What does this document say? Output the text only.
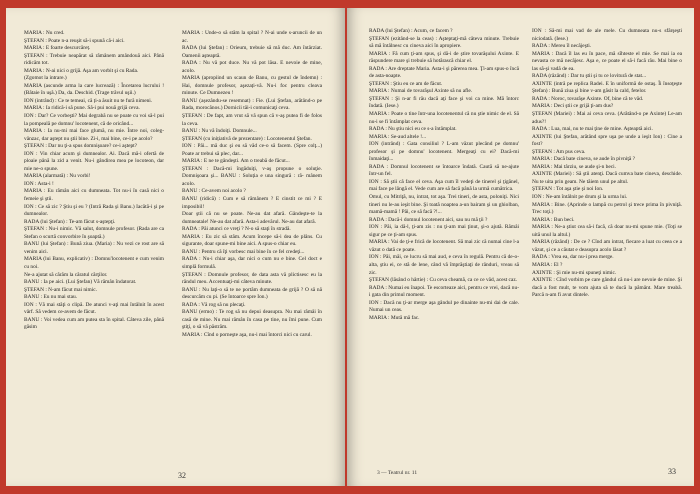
MARIA : Nu cred.

ŞTEFAN : Poate n-a reuşit să-i spună că-i aici.

MARIA : E foarte descurcăreț.

ŞTEFAN : Trebuie neapărat să rămânem amândouă aici. Până ridicăm tot.

MARIA : N-ai nici o grijă. Aşa am vorbit şi cu Rada.

(Zgomot la intrare.)

MARIA (ascunde arma la care lucrează) : Încetarea lucrului ! (Bătaie în uşă.) Da, da. Deschid. (Trage trăvul uşii.)

ION (intrând) : Ce te temeai, că ți-a ăsuit nu te fură nimeni.

MARIA : Ia ridică-i să pune. Să-i pui nouă grijă ceva.

ION : Dar? Ce vorbeşti? Mai degrabă nu se poate cu voi să-l pui la pompeală pe domnu' locotenent, că de oricând...

MARIA : Ia nu-mi mai face glumă, nu mie. Între noi, coleg-vânzac, dar aştept nu ştii bine. Zi-i, mai bine, ce-i pe acolo?

ŞTEFAN : Dar nu ţi-a spus domnişoare? ce-i aştept?

ION : Vin chiar acum şi dumnealor. Ai. Dacă mă-i ofertă de ploaie până la zid a venit. Nu-i gândirea mea pe locoteon, dar mie ne-o spune.

MARIA (alarmată) : Nu vorbi!

ION : Asta-i !

MARIA : Eu rămân aici cu dumneata. Tot nu-i în casă nici o femeie şi ştii.

ION : Ce să zic ? Ştiu şi eu ? (Intră Rada şi Banu.) Iacătă-i şi pe dumnealor.

RADA (lui Ştefan) : Te-am făcut s-aştepţi.

ŞTEFAN : Nu-i nimic. Vă salut, domnule profesor. (Rada are ca Stefan o scurtă convorbire în şoaptă.)

BANU (lui Ştefan) : Bună ziua. (Maria) : Nu vezi ce rost are să venim aici.

MARIA (lui Banu, explicativ) : Domnu'locotenent e cum venim cu noi.

Ne-a ajutat să cărăm la căratul cărţilor.

BANU : Ia pe aici. (Lui Ştefan) Vă rămân îndatorat.

ŞTEFAN : N-am făcut mai nimic.

BANU : Eu nu mai stau.

ION : Vă mai stăţi o clipă. De atunci v-aţi mai întâlnit în acest vârf. Să vedem ce-avem de făcut.

BANU : Voi vedea cum am putea sta în spital. Câteva zile, până găsim

MARIA : Unde-o să stăm la spital ? N-ai unde s-aruncii de un ac.

RADA (lui Ştefan) : Orieum, trebuie să mă duc. Am întârziat. Oamenii aşteaptă.

RADA : Nu vă pot duce. Nu vă pot lăsa. E nevoie de mine, acolo.

MARIA (apropiind un scaun de Banu, cu gestul de îndemn) : Hai, domnule profesor, aşezați-vă. Nu-i foc pentru cleava minute. Ce Dumnezeu !

BANU (așezându-se resemnat) : Fie. (Lui Ştefan, arătând-o pe Rada, morocănos.) Dornicii tăi-i comunicaţi ceva.

ŞTEFAN : De fapt, am vrut să vă spun că v-aş putea fi de folos la ceva.

BANU : Nu vă îndoiţi. Domnule...

ŞTEFAN (cu inițiativă de prezentare) : Locotenentul Ştefan.

ION : Păi... mă duc şi eu să văd ce-o să facem. (Spre colţ...) Poate ar trebui să plec, dar...

MARIA : E ne te gândeşti. Am o treabă de făcut...

ŞTEFAN : Dacă-mi îngăduiţi, v-aş propune o soluţie. Domnişoara şi... BANU : Soluția e una singură : ră- mânem acolo.

BANU : Ce-avem noi acolo ?

BANU (ridică) : Cum e să rămânem ? E cinstit ce mi ? E imposibil!

Doar ştii că nu se poate. Ne-au dat afară. Gândeşte-te la dumneatale! Ne-au dat afară. Asta-i adevărul. Ne-au dat afară.

RADA : Păi atunci ce vreţi ? N-o să staţi în stradă.

MARIA : Eu zic să stăm. Acum începe să-i dea de plâns. Cu sigurante, doar spune-mi bine aici. A spus-o chiar eu.

BANU : Pentru că îţi vorbesc mai bine în ce fel credeţi...

RADA : Nu-i chiar aşa, dar nici o cum nu e bine. Cel doct e simplă formulă.

ŞTEFAN : Domnule profesor, de data asta vă plictisesc eu la rândul meu. Accentuaţi-mi câteva minute.

BANU : Nu laţi-o să te ne portăm dumneata de grijă ? O să nă descurcăm cu pi. (Se întoarce spre Ion.)

RADA : Vă rog să nu plecaţi.

BANU (ermo) : Te rog să nu depui deasupra. Nu mai rămâi în casă de mine. Nu mai rămân în casa pe tine, nu îmi pune. Cum ştiţi, o să vă păstrăm.

MARIA : Cînd o porneşte aşa, nu-i mai întorci nici cu carul.

32

RADA (lui Ştefan) : Acum, ce facem ?

ŞTEFAN (ezitând-se la ceas) : Aşteptaţi-mă câteva minute. Trebuie să mă întâlnesc cu cineva aici în apropiere.

MARIA : Fă cum ţi-am spus, şi dă-i de ştire tovarăşului Axinte. E răspundere mare şi trebuie să hotărască chiar el.

RADA : Are dreptate Maria. Asta-i şi părerea mea. Ţi-am spus-o încă de asta-noapte.

ŞTEFAN : Ştiu eu ce am de făcut.

MARIA : Numai de tovarăşul Axinte să nu afle.

ŞTEFAN : Şi n-ar fi rău dacă aţi face şi voi ca mine. Mă întorc îndată. (Iese.)

MARIA : Poate o tine într-una locotenentul că nu ştie nimic de el. Să nu-i se fi întâmplat ceva.

RADA : Nu ştiu nici eu ce s-a întâmplat.

MARIA : Se-aud altele !...

ION (intrând) : Gata consiliul ? L-am văzut plecând pe domnu' profesor şi pe domnu' locotenent. Mergeaţi cu ei? Dacă-mi înmaidaţi...

RADA : Domnul locotenent se întoarce îndată. Caută să ne-ajute într-un fel.

ION : Să ştii că face el ceva. Aşa cum îl vedeţi de tinerel şi ţigănel, mai face pe lângă el. Vede cum are să facă până la urmă cumătrica.

Omul, cu Mitriţă, nu, intrat, tot aşa. Trei tineri, de asta, poloniţi. Nici tineri nu le-au ieşit bine. Şi toată noaptea a-un bairam şi un ghiolban, mamă-mamă ! Păi, ce să facă ?!...

RADA : Dacă-i domnul locotenent aici, sau nu mă ţii ?

ION : Păi, ia dă-l, ţi-am zis : nu ţi-am mai ţinut, şi-o ajută. Rămâi sigur pe ce ţi-am spus.

MARIA : Vai de ţi-e frică de locotenent. Să mai zic că numai cine l-a văzut o dată ce poate.

ION : Păi, măi, ce lucru să mai aud, e ceva în regulă. Pentru că de-o-alta, ştiu ei, ce stă de lene, când vă împrăştiaţi de rânduri, vreau să zic.

ŞTEFAN (lăsând o hârtie) : Cu ceva cheamă, ca ce ce văd, acest caz.

RADA : Numai eu înapoi. Te escorteaze aici, pentru ce vrei, dacă nu-i gata din primul moment.

ION : Dacă nu ţi-ar merge aşa gândul pe dinainte nu-mi dai de cale. Numai un ceas.

MARIA : Mută mă fac.

ION : Să-mi mai vad de ale mele. Cu dumneata nu-s sfârşeşti niciodată. (Iese.)

RADA : Mereu îl necăjeşti.

MARIA : Dacă îl las eu în pace, mă sîhteste el mie. Se mai ia ea nevasta ce mă necăjesc. Aşa e, ce poate el să-i facă rău. Mai bine o las să-şi vadă de ea.

RADA (râzând) : Dar tu ştii şi tu ce lovitură de stat...

AXINTE (intră pe replica Radei. E în uniformă de ostaş. Îi însoţeşte Ştefan) : Bună ziua şi bine v-am găsit la cald, fetelor.

RADA : Noroc, tovarăşe Axinte. Of, bine că te văd.

MARIA : Deci ştii ce grijă ţi-am dus?

ŞTEFAN (Mariei) : Mai ai ceva ceva. (Arătând-o pe Axinte) Le-am adus?!

RADA : Lua, mai, nu te mai ţine de mine. Aşteaptă aici.

AXINTE (lui Ştefan, arătând spre uşa pe unde a ieşit Ion) : Cine a fost?

ŞTEFAN : Am pus ceva.

MARIA : Dacă bate cineva, se aude în pivniţă ?

MARIA : Mai târziu, se aude şi-n beci.

AXINTE (Mariei) : Să ştii atenţi. Dacă cumva bate cineva, deschide. Nu te uita prin geam. Ne tăiem unul pe altul.

ŞTEFAN : Tot aşa ştie şi noi Ion.

ION : Ne-am întâlnit pe drum şi la urma lui.

MARIA : Bine. (Aprinde o lampă cu petrol şi trece prima în pivniţă. Trec toţi.)

MARIA : Bun beci.

MARIA : Ne-a ştiut cea să-i facă, că doar nu-mi spune mie. (Toţi se uită unul la altul.)

MARIA (râzând) : De ce ? Cînd am intrat, fiecare a luat cu ceea ce a văzut, şi ce a căutat e deasupra acolo lăsat ?

RADA : Vrea ea, dar nu-i prea merge.

MARIA : El ?

AXINTE : Şi mie nu-mi spuneţi nimic.

AXINTE : Cînd vorbim pe care gândul că nu-i are nevoie de mine. Şi dacă a fost mult, te vom ajuta să te ducă la pământ. Mare treabă. Parcă n-am fi avut dintele.

3 — Teatrul nr. 11	33
